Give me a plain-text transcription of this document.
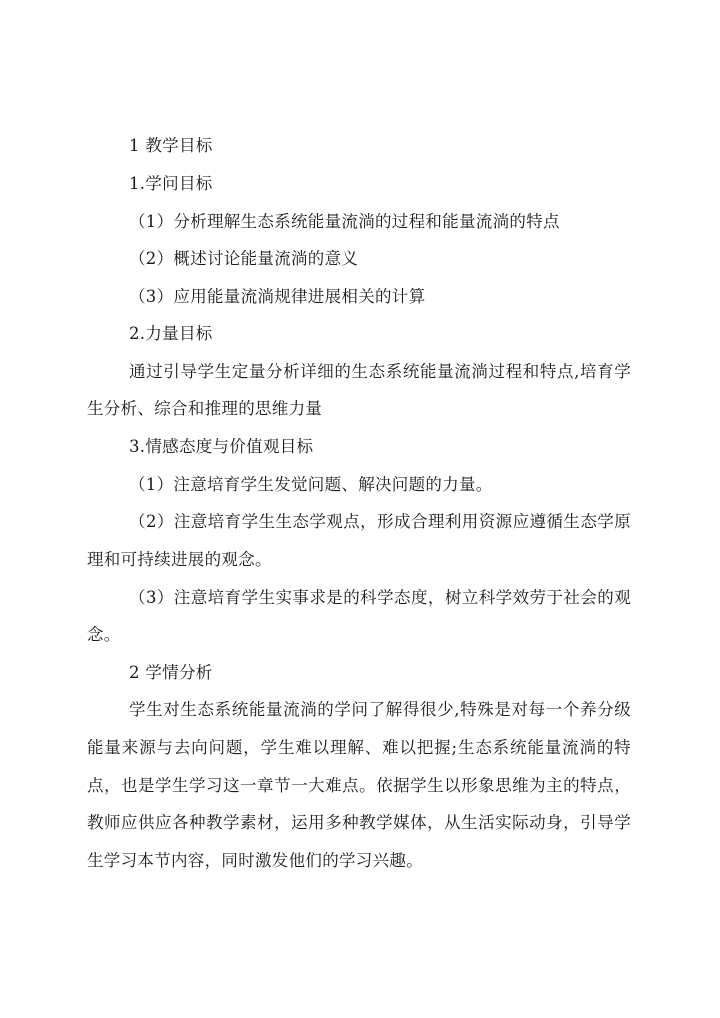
1 教学目标
1.学问目标
（1）分析理解生态系统能量流淌的过程和能量流淌的特点
（2）概述讨论能量流淌的意义
（3）应用能量流淌规律进展相关的计算
2.力量目标
通过引导学生定量分析详细的生态系统能量流淌过程和特点,培育学
生分析、综合和推理的思维力量
3.情感态度与价值观目标
（1）注意培育学生发觉问题、解决问题的力量。
（2）注意培育学生生态学观点，形成合理利用资源应遵循生态学原
理和可持续进展的观念。
（3）注意培育学生实事求是的科学态度，树立科学效劳于社会的观
念。
2 学情分析
学生对生态系统能量流淌的学问了解得很少,特殊是对每一个养分级
能量来源与去向问题，学生难以理解、难以把握;生态系统能量流淌的特
点，也是学生学习这一章节一大难点。依据学生以形象思维为主的特点，
教师应供应各种教学素材，运用多种教学媒体，从生活实际动身，引导学
生学习本节内容，同时激发他们的学习兴趣。
